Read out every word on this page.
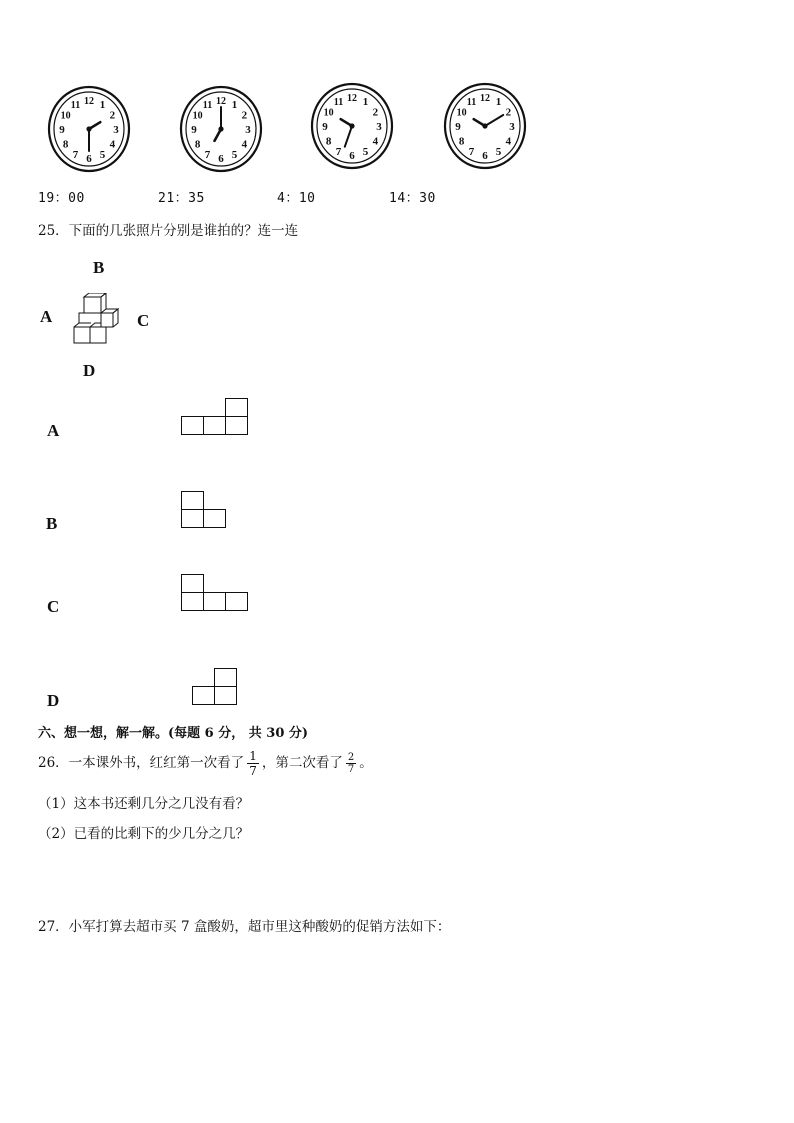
12 1
2
3
4
5
6
7
8
9
10
11	12 1
2
3
4
5
6
7
8
9
10
11
12 1
2
3
4
5
6
7
8
9
10
11	12 1
2
3
4
5
6
7
8
9
10
11
19：00	21：35	4：10	14：30
25．下面的几张照片分别是谁拍的？连一连
B
A	C
D
A
B
C
D
六、想一想，解一解。(每题 6 分， 共 30 分)
26．一本课外书，红红第一次看了 $\frac{1}{7}$ ，第二次看了 $\frac{2}{7}$ 。
（1）这本书还剩几分之几没有看？
（2）已看的比剩下的少几分之几？
27．小军打算去超市买 7 盒酸奶，超市里这种酸奶的促销方法如下：
